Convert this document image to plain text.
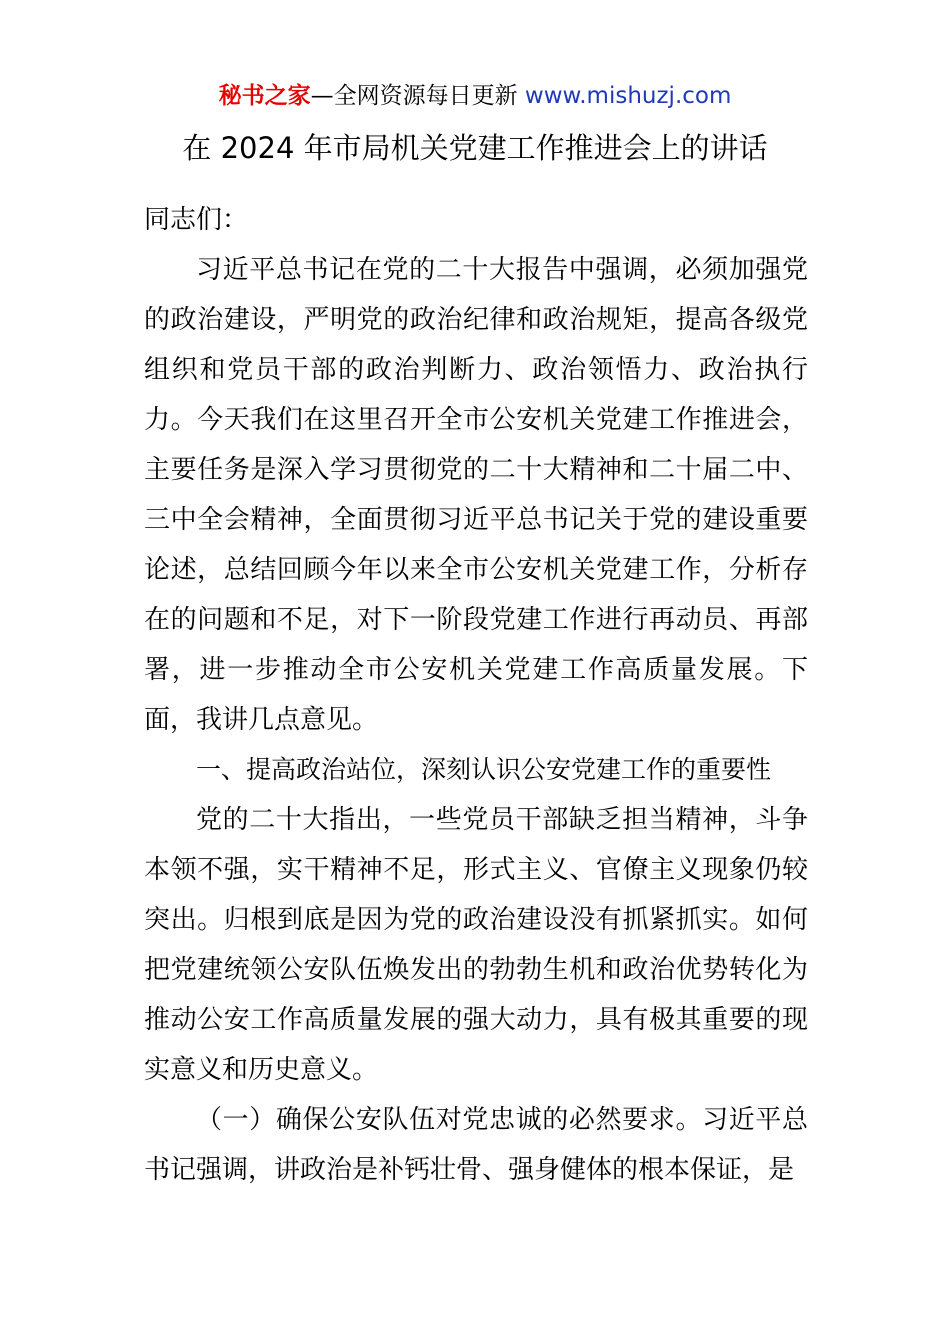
秘书之家—全网资源每日更新 www.mishuzj.com
在 2024 年市局机关党建工作推进会上的讲话

同志们：

习近平总书记在党的二十大报告中强调，必须加强党的政治建设，严明党的政治纪律和政治规矩，提高各级党组织和党员干部的政治判断力、政治领悟力、政治执行力。今天我们在这里召开全市公安机关党建工作推进会，主要任务是深入学习贯彻党的二十大精神和二十届二中、三中全会精神，全面贯彻习近平总书记关于党的建设重要论述，总结回顾今年以来全市公安机关党建工作，分析存在的问题和不足，对下一阶段党建工作进行再动员、再部署，进一步推动全市公安机关党建工作高质量发展。下面，我讲几点意见。

一、提高政治站位，深刻认识公安党建工作的重要性

党的二十大指出，一些党员干部缺乏担当精神，斗争本领不强，实干精神不足，形式主义、官僚主义现象仍较突出。归根到底是因为党的政治建设没有抓紧抓实。如何把党建统领公安队伍焕发出的勃勃生机和政治优势转化为推动公安工作高质量发展的强大动力，具有极其重要的现实意义和历史意义。

（一）确保公安队伍对党忠诚的必然要求。习近平总书记强调，讲政治是补钙壮骨、强身健体的根本保证，是
